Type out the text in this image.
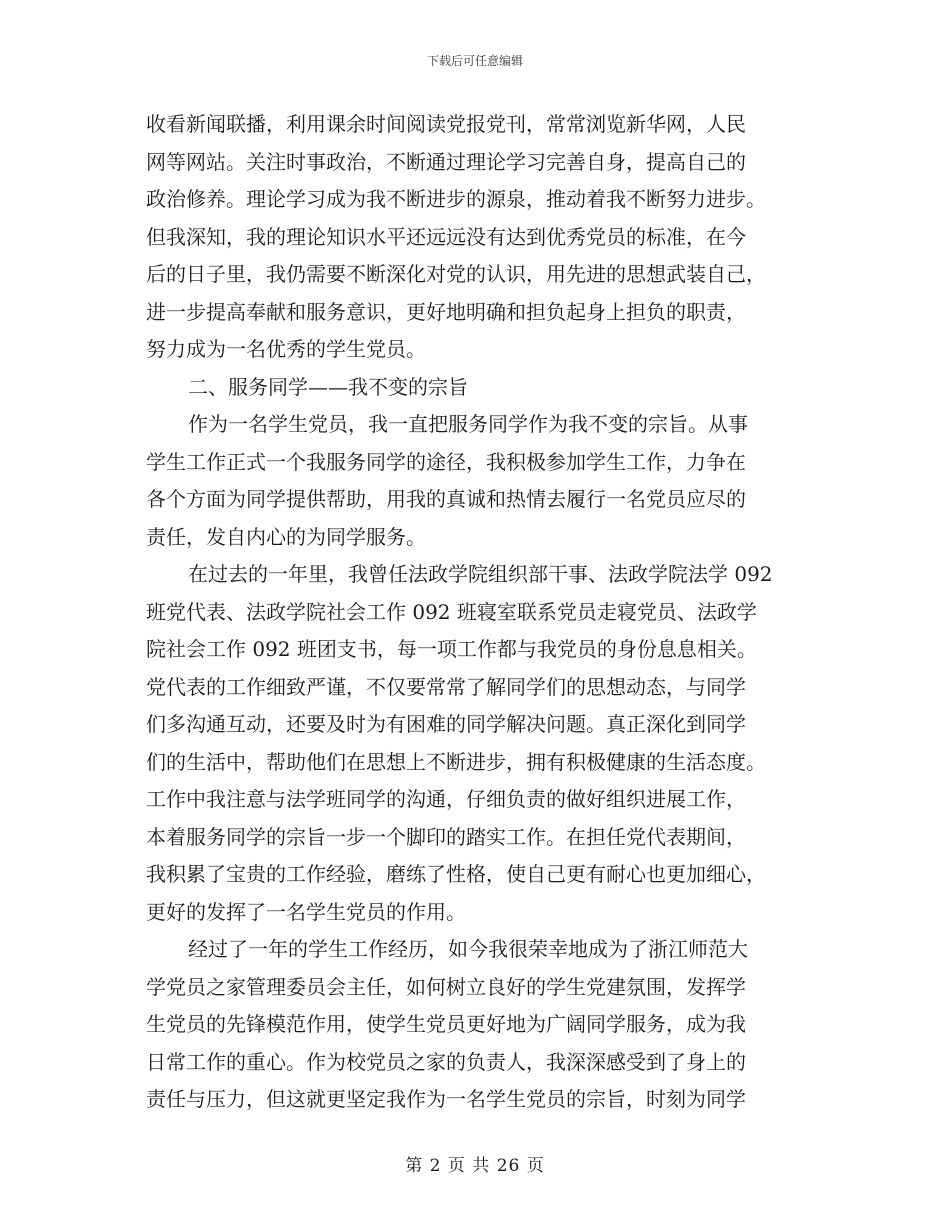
下载后可任意编辑
收看新闻联播，利用课余时间阅读党报党刊，常常浏览新华网，人民
网等网站。关注时事政治，不断通过理论学习完善自身，提高自己的
政治修养。理论学习成为我不断进步的源泉，推动着我不断努力进步。
但我深知，我的理论知识水平还远远没有达到优秀党员的标准，在今
后的日子里，我仍需要不断深化对党的认识，用先进的思想武装自己，
进一步提高奉献和服务意识，更好地明确和担负起身上担负的职责，
努力成为一名优秀的学生党员。
二、服务同学——我不变的宗旨
作为一名学生党员，我一直把服务同学作为我不变的宗旨。从事
学生工作正式一个我服务同学的途径，我积极参加学生工作，力争在
各个方面为同学提供帮助，用我的真诚和热情去履行一名党员应尽的
责任，发自内心的为同学服务。
在过去的一年里，我曾任法政学院组织部干事、法政学院法学 092
班党代表、法政学院社会工作 092 班寝室联系党员走寝党员、法政学
院社会工作 092 班团支书，每一项工作都与我党员的身份息息相关。
党代表的工作细致严谨，不仅要常常了解同学们的思想动态，与同学
们多沟通互动，还要及时为有困难的同学解决问题。真正深化到同学
们的生活中，帮助他们在思想上不断进步，拥有积极健康的生活态度。
工作中我注意与法学班同学的沟通，仔细负责的做好组织进展工作，
本着服务同学的宗旨一步一个脚印的踏实工作。在担任党代表期间，
我积累了宝贵的工作经验，磨练了性格，使自己更有耐心也更加细心，
更好的发挥了一名学生党员的作用。
经过了一年的学生工作经历，如今我很荣幸地成为了浙江师范大
学党员之家管理委员会主任，如何树立良好的学生党建氛围，发挥学
生党员的先锋模范作用，使学生党员更好地为广阔同学服务，成为我
日常工作的重心。作为校党员之家的负责人，我深深感受到了身上的
责任与压力，但这就更坚定我作为一名学生党员的宗旨，时刻为同学
第 2 页 共 26 页
